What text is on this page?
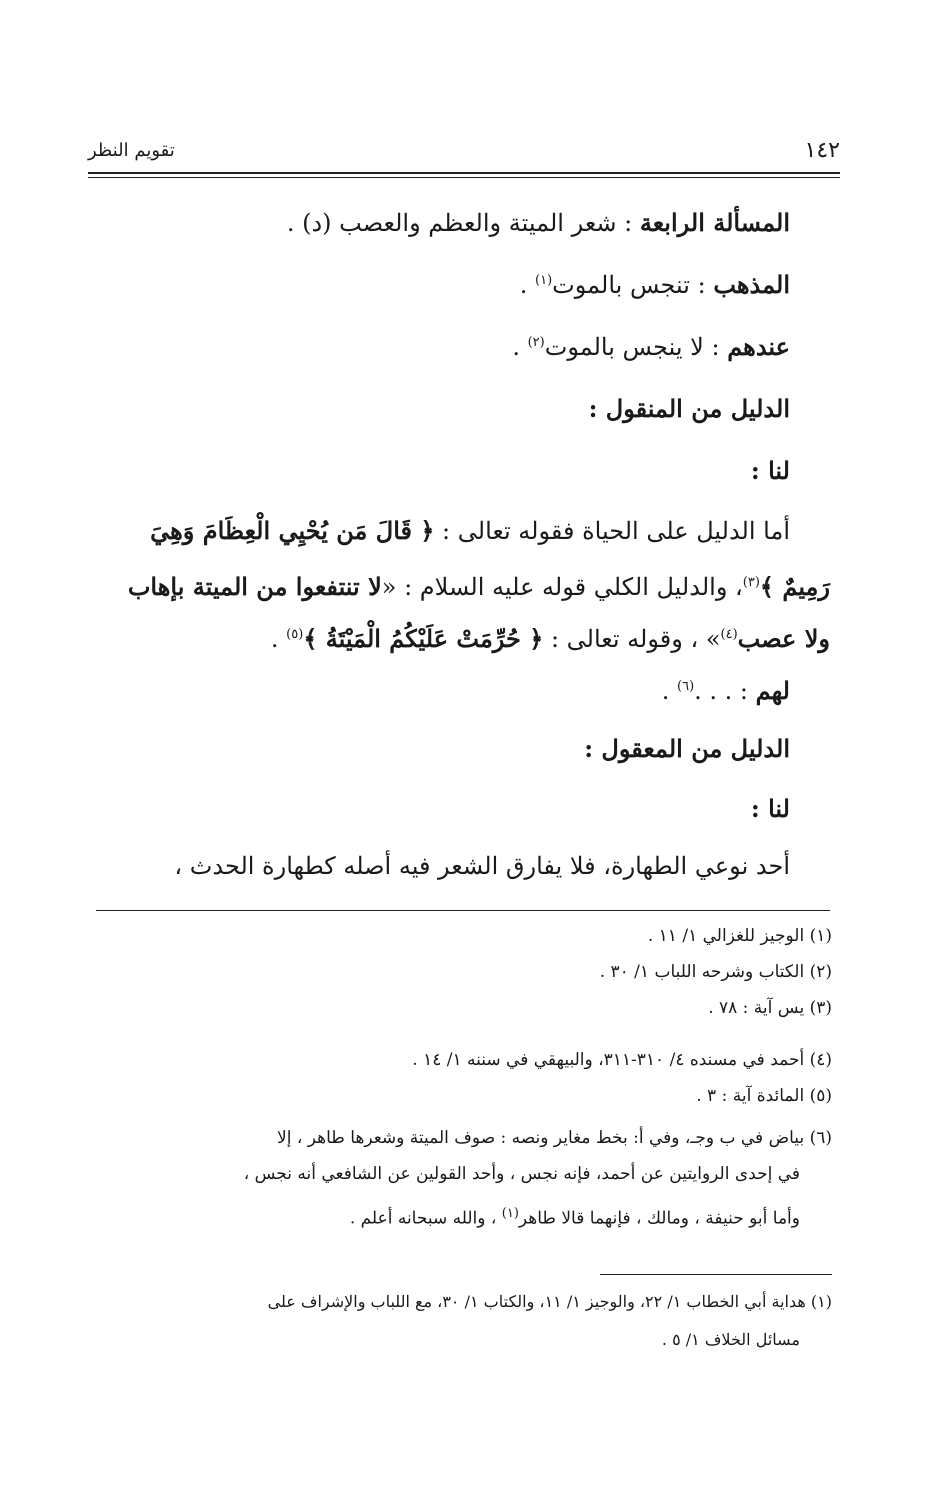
١٤٢
تقويم النظر
المسألة الرابعة : شعر الميتة والعظم والعصب (د) .
المذهب : تنجس بالموت$^{(١)}$ .
عندهم : لا ينجس بالموت$^{(٢)}$ .
الدليل من المنقول :
لنا :
أما الدليل على الحياة فقوله تعالى : ﴿ قَالَ مَن يُحْيِي الْعِظَامَ وَهِيَ
رَمِيمٌ ﴾$^{(٣)}$، والدليل الكلي قوله عليه السلام : «لا تنتفعوا من الميتة بإهاب
ولا عصب$^{(٤)}$» ، وقوله تعالى : ﴿ حُرِّمَتْ عَلَيْكُمُ الْمَيْتَةُ ﴾$^{(٥)}$ .
لهم : . . .$^{(٦)}$ .
الدليل من المعقول :
لنا :
أحد نوعي الطهارة، فلا يفارق الشعر فيه أصله كطهارة الحدث ،
(١) الوجيز للغزالي ١/ ١١ .
(٢) الكتاب وشرحه اللباب ١/ ٣٠ .
(٣) يس آية : ٧٨ .
(٤) أحمد في مسنده ٤/ ٣١٠-٣١١، والبيهقي في سننه ١/ ١٤ .
(٥) المائدة آية : ٣ .
(٦) بياض في ب وجـ، وفي أ: بخط مغاير ونصه : صوف الميتة وشعرها طاهر ، إلا
في إحدى الروايتين عن أحمد، فإنه نجس ، وأحد القولين عن الشافعي أنه نجس ،
وأما أبو حنيفة ، ومالك ، فإنهما قالا طاهر$^{(١)}$ ، والله سبحانه أعلم .
(١) هداية أبي الخطاب ١/ ٢٢، والوجيز ١/ ١١، والكتاب ١/ ٣٠، مع اللباب والإشراف على
مسائل الخلاف ١/ ٥ .
